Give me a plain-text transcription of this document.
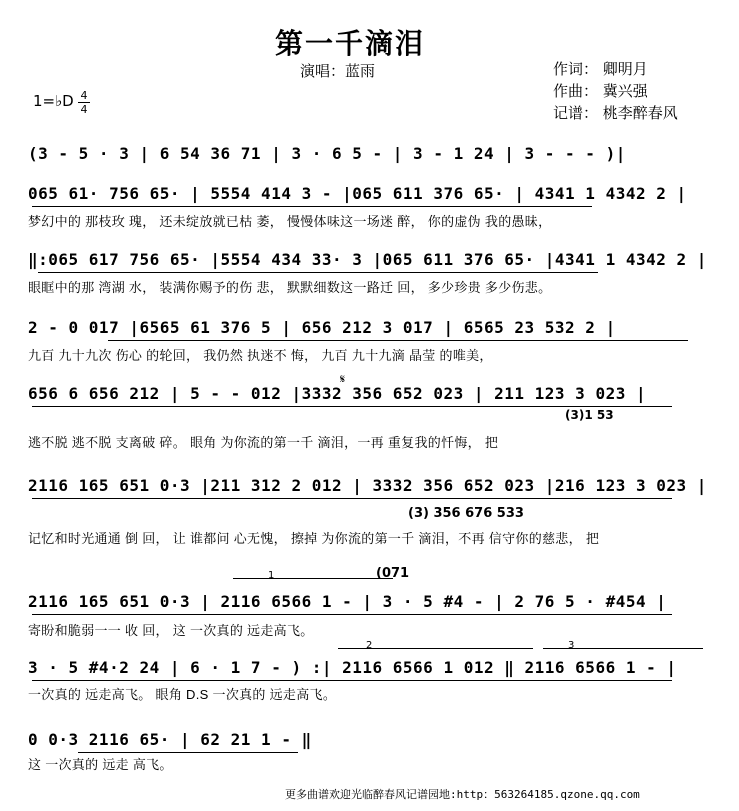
第一千滴泪
演唱：蓝雨	作词： 卿明月
作曲： 冀兴强
记谱： 桃李醉春风
1=♭D 4
4
(3 - 5 · 3 | 6 54 36 71 | 3 · 6 5 - | 3 - 1 24 | 3 - - - )|
065 61· 756 65· | 5554 414 3 - |065 611 376 65· | 4341 1 4342 2 |
梦幻中的 那枝玫 瑰， 还未绽放就已枯 萎， 慢慢体味这一场迷 醉， 你的虚伪 我的愚昧，
‖:065 617 756 65· |5554 434 33· 3 |065 611 376 65· |4341 1 4342 2 |
眼眶中的那 湾湖 水， 装满你赐予的伤 悲， 默默细数这一路迁 回， 多少珍贵 多少伤悲。
2 - 0 017 |6565 61 376 5 | 656 212 3 017 | 6565 23 532 2 |
九百 九十九次 伤心 的轮回， 我仍然 执迷不 悔， 九百 九十九滴 晶莹 的唯美，
𝄋
656 6 656 212 | 5 - - 012 |3332 356 652 023 | 211 123 3 023 |
(3)1 53
逃不脱 逃不脱 支离破 碎。 眼角 为你流的第一千 滴泪，一再 重复我的忏悔， 把
2116 165 651 0·3 |211 312 2 012 | 3332 356 652 023 |216 123 3 023 |
(3) 356 676 533
记忆和时光通通 倒 回， 让 谁都问 心无愧， 擦掉 为你流的第一千 滴泪，不再 信守你的慈悲， 把
1	(071
2116 165 651 0·3 | 2116 6566 1 - | 3 · 5 #4 - | 2 76 5 · #454 |
寄盼和脆弱一一 收 回， 这 一次真的 远走高飞。
2	3
3 · 5 #4·2 24 | 6 · 1 7 - ) :| 2116 6566 1 012 ‖ 2116 6566 1 - |
一次真的 远走高飞。 眼角 D.S 一次真的 远走高飞。
0 0·3 2116 65· | 62 21 1 - ‖
这 一次真的 远走 高飞。
更多曲谱欢迎光临醉春风记谱园地:http：563264185.qzone.qq.com
